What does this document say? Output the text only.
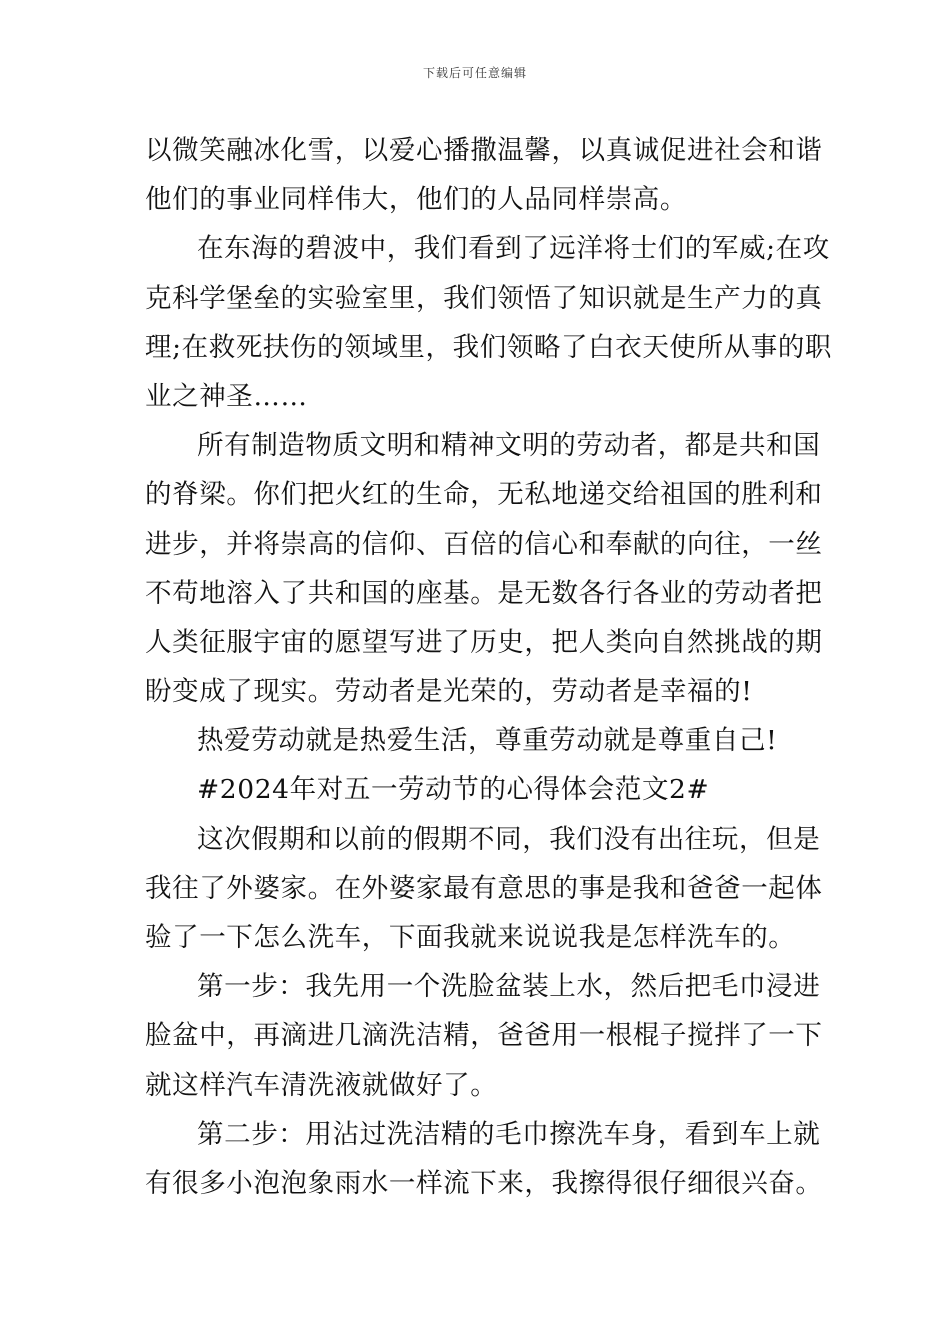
下载后可任意编辑
以微笑融冰化雪，以爱心播撒温馨，以真诚促进社会和谐
他们的事业同样伟大，他们的人品同样崇高。
在东海的碧波中，我们看到了远洋将士们的军威;在攻
克科学堡垒的实验室里，我们领悟了知识就是生产力的真
理;在救死扶伤的领域里，我们领略了白衣天使所从事的职
业之神圣……
所有制造物质文明和精神文明的劳动者，都是共和国
的脊梁。你们把火红的生命，无私地递交给祖国的胜利和
进步，并将崇高的信仰、百倍的信心和奉献的向往，一丝
不苟地溶入了共和国的座基。是无数各行各业的劳动者把
人类征服宇宙的愿望写进了历史，把人类向自然挑战的期
盼变成了现实。劳动者是光荣的，劳动者是幸福的!
热爱劳动就是热爱生活，尊重劳动就是尊重自己!
#2024年对五一劳动节的心得体会范文2#
这次假期和以前的假期不同，我们没有出往玩，但是
我往了外婆家。在外婆家最有意思的事是我和爸爸一起体
验了一下怎么洗车，下面我就来说说我是怎样洗车的。
第一步：我先用一个洗脸盆装上水，然后把毛巾浸进
脸盆中，再滴进几滴洗洁精，爸爸用一根棍子搅拌了一下
就这样汽车清洗液就做好了。
第二步：用沾过洗洁精的毛巾擦洗车身，看到车上就
有很多小泡泡象雨水一样流下来，我擦得很仔细很兴奋。
